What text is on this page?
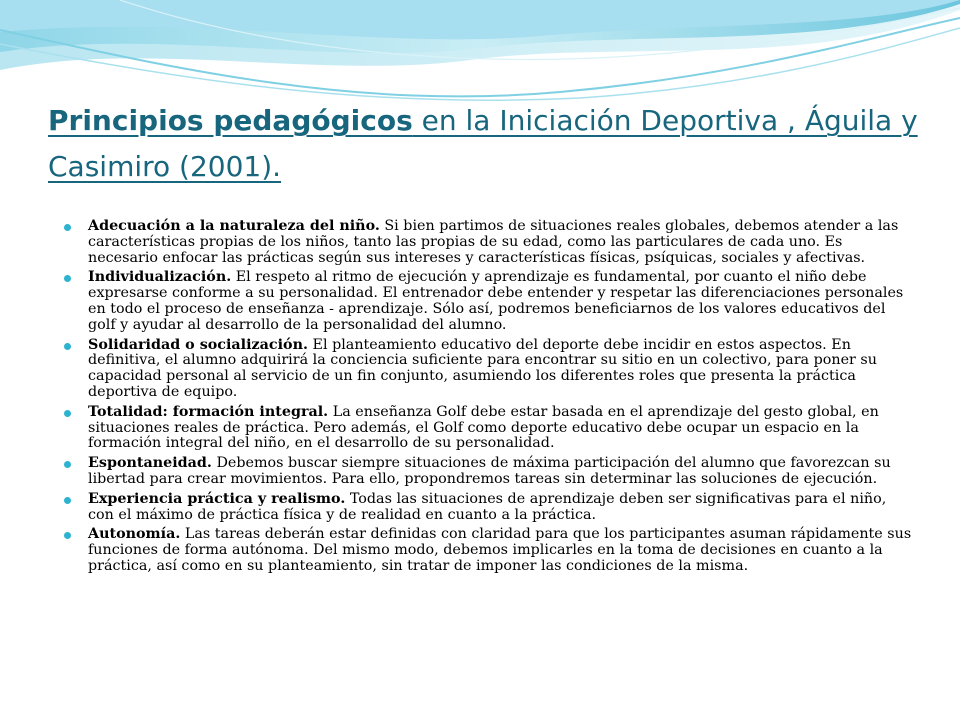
Principios pedagógicos en la Iniciación Deportiva , Águila y Casimiro (2001).
Adecuación a la naturaleza del niño. Si bien partimos de situaciones reales globales, debemos atender a las características propias de los niños, tanto las propias de su edad, como las particulares de cada uno. Es necesario enfocar las prácticas según sus intereses y características físicas, psíquicas, sociales y afectivas.
Individualización. El respeto al ritmo de ejecución y aprendizaje es fundamental, por cuanto el niño debe expresarse conforme a su personalidad. El entrenador debe entender y respetar las diferenciaciones personales en todo el proceso de enseñanza - aprendizaje. Sólo así, podremos beneficiarnos de los valores educativos del golf y ayudar al desarrollo de la personalidad del alumno.
Solidaridad o socialización. El planteamiento educativo del deporte debe incidir en estos aspectos. En definitiva, el alumno adquirirá la conciencia suficiente para encontrar su sitio en un colectivo, para poner su capacidad personal al servicio de un fin conjunto, asumiendo los diferentes roles que presenta la práctica deportiva de equipo.
Totalidad: formación integral. La enseñanza Golf debe estar basada en el aprendizaje del gesto global, en situaciones reales de práctica. Pero además, el Golf como deporte educativo debe ocupar un espacio en la formación integral del niño, en el desarrollo de su personalidad.
Espontaneidad. Debemos buscar siempre situaciones de máxima participación del alumno que favorezcan su libertad para crear movimientos. Para ello, propondremos tareas sin determinar las soluciones de ejecución.
Experiencia práctica y realismo. Todas las situaciones de aprendizaje deben ser significativas para el niño, con el máximo de práctica física y de realidad en cuanto a la práctica.
Autonomía. Las tareas deberán estar definidas con claridad para que los participantes asuman rápidamente sus funciones de forma autónoma. Del mismo modo, debemos implicarles en la toma de decisiones en cuanto a la práctica, así como en su planteamiento, sin tratar de imponer las condiciones de la misma.
